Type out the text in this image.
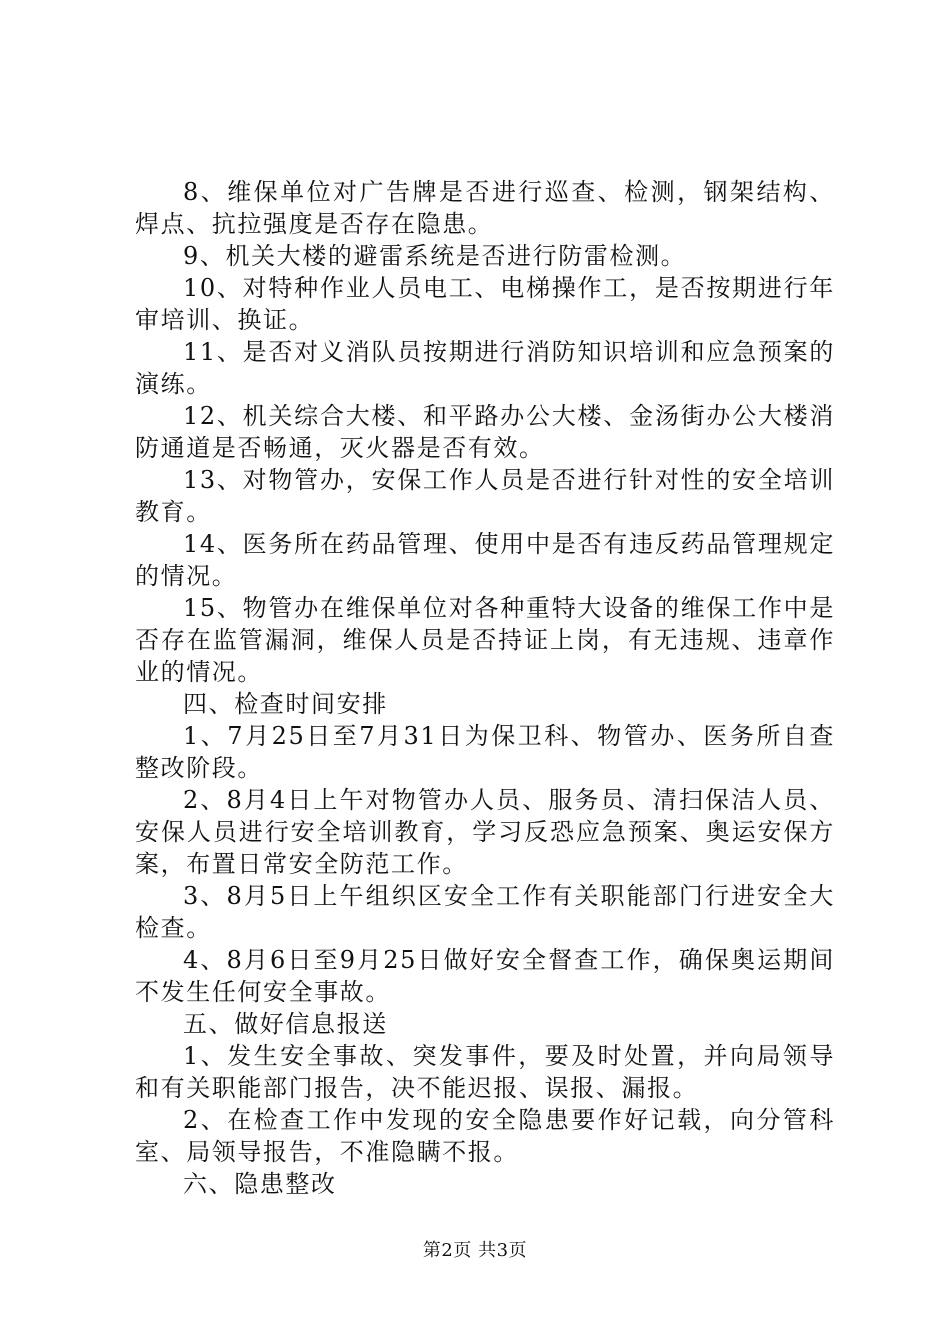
8、维保单位对广告牌是否进行巡查、检测，钢架结构、焊点、抗拉强度是否存在隐患。

9、机关大楼的避雷系统是否进行防雷检测。

10、对特种作业人员电工、电梯操作工，是否按期进行年审培训、换证。

11、是否对义消队员按期进行消防知识培训和应急预案的演练。

12、机关综合大楼、和平路办公大楼、金汤街办公大楼消防通道是否畅通，灭火器是否有效。

13、对物管办，安保工作人员是否进行针对性的安全培训教育。

14、医务所在药品管理、使用中是否有违反药品管理规定的情况。

15、物管办在维保单位对各种重特大设备的维保工作中是否存在监管漏洞，维保人员是否持证上岗，有无违规、违章作业的情况。

四、检查时间安排

1、7月25日至7月31日为保卫科、物管办、医务所自查整改阶段。

2、8月4日上午对物管办人员、服务员、清扫保洁人员、安保人员进行安全培训教育，学习反恐应急预案、奥运安保方案，布置日常安全防范工作。

3、8月5日上午组织区安全工作有关职能部门行进安全大检查。

4、8月6日至9月25日做好安全督查工作，确保奥运期间不发生任何安全事故。

五、做好信息报送

1、发生安全事故、突发事件，要及时处置，并向局领导和有关职能部门报告，决不能迟报、误报、漏报。

2、在检查工作中发现的安全隐患要作好记载，向分管科室、局领导报告，不准隐瞒不报。

六、隐患整改

第2页 共3页
